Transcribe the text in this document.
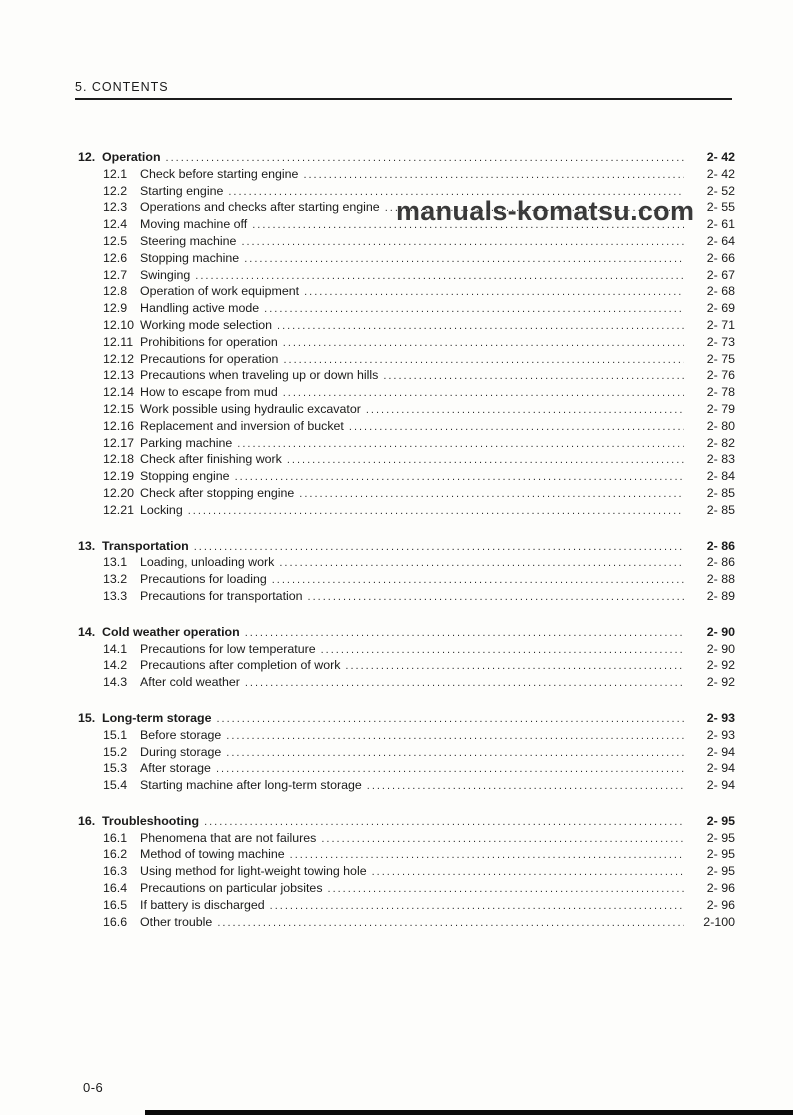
5. CONTENTS
12. Operation .....	2- 42
12.1	Check before starting engine .....	2- 42
12.2	Starting engine .....	2- 52
12.3	Operations and checks after starting engine .....	2- 55
12.4	Moving machine off .....	2- 61
12.5	Steering machine .....	2- 64
12.6	Stopping machine .....	2- 66
12.7	Swinging .....	2- 67
12.8	Operation of work equipment .....	2- 68
12.9	Handling active mode .....	2- 69
12.10 Working mode selection .....	2- 71
12.11 Prohibitions for operation .....	2- 73
12.12 Precautions for operation .....	2- 75
12.13 Precautions when traveling up or down hills .....	2- 76
12.14 How to escape from mud .....	2- 78
12.15 Work possible using hydraulic excavator .....	2- 79
12.16 Replacement and inversion of bucket .....	2- 80
12.17 Parking machine .....	2- 82
12.18 Check after finishing work .....	2- 83
12.19 Stopping engine .....	2- 84
12.20 Check after stopping engine .....	2- 85
12.21 Locking .....	2- 85
13. Transportation .....	2- 86
13.1	Loading, unloading work .....	2- 86
13.2	Precautions for loading .....	2- 88
13.3	Precautions for transportation .....	2- 89
14. Cold weather operation .....	2- 90
14.1	Precautions for low temperature .....	2- 90
14.2	Precautions after completion of work .....	2- 92
14.3	After cold weather .....	2- 92
15. Long-term storage .....	2- 93
15.1	Before storage .....	2- 93
15.2	During storage .....	2- 94
15.3	After storage .....	2- 94
15.4	Starting machine after long-term storage .....	2- 94
16. Troubleshooting .....	2- 95
16.1	Phenomena that are not failures .....	2- 95
16.2	Method of towing machine .....	2- 95
16.3	Using method for light-weight towing hole .....	2- 95
16.4	Precautions on particular jobsites .....	2- 96
16.5	If battery is discharged .....	2- 96
16.6	Other trouble .....	2-100
manuals-komatsu.com
0-6
